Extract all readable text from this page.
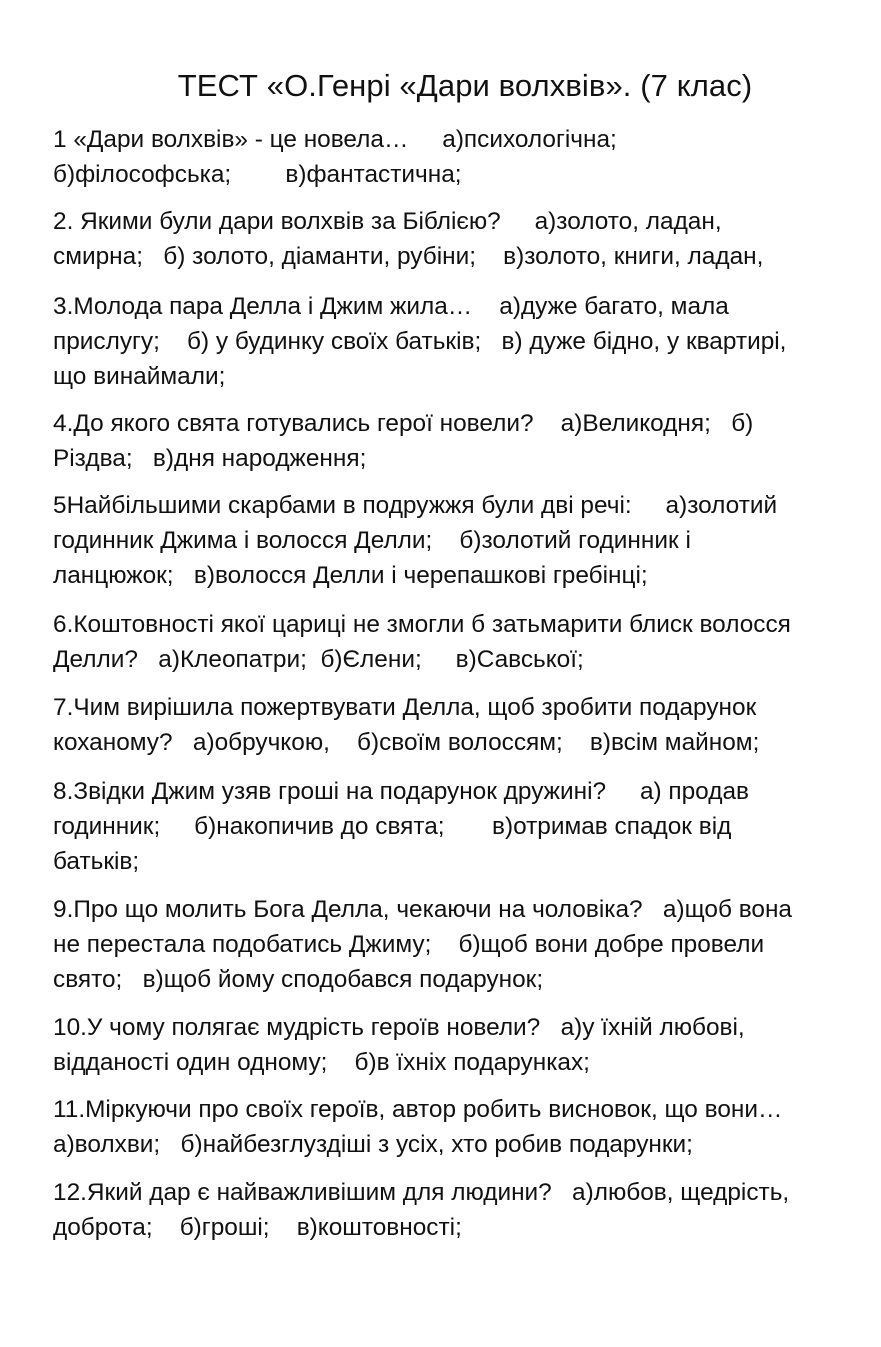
ТЕСТ «О.Генрі «Дари волхвів». (7 клас)
1 «Дари волхвів» - це новела…     а)психологічна;
б)філософська;        в)фантастична;
2. Якими були дари волхвів за Біблією?     а)золото, ладан,
смирна;   б) золото, діаманти, рубіни;    в)золото, книги, ладан,
3.Молода пара Делла і Джим жила…    а)дуже багато, мала
прислугу;    б) у будинку своїх батьків;   в) дуже бідно, у квартирі,
що винаймали;
4.До якого свята готувались герої новели?    а)Великодня;   б)
Різдва;   в)дня народження;
5Найбільшими скарбами в подружжя були дві речі:     а)золотий
годинник Джима і волосся Делли;    б)золотий годинник і
ланцюжок;   в)волосся Делли і черепашкові гребінці;
6.Коштовності якої цариці не змогли б затьмарити блиск волосся
Делли?   а)Клеопатри;  б)Єлени;     в)Савської;
7.Чим вирішила пожертвувати Делла, щоб зробити подарунок
коханому?   а)обручкою,    б)своїм волоссям;    в)всім майном;
8.Звідки Джим узяв гроші на подарунок дружині?     а) продав
годинник;     б)накопичив до свята;       в)отримав спадок від
батьків;
9.Про що молить Бога Делла, чекаючи на чоловіка?   а)щоб вона
не перестала подобатись Джиму;    б)щоб вони добре провели
свято;   в)щоб йому сподобався подарунок;
10.У чому полягає мудрість героїв новели?   а)у їхній любові,
відданості один одному;    б)в їхніх подарунках;
11.Міркуючи про своїх героїв, автор робить висновок, що вони…
а)волхви;   б)найбезглуздіші з усіх, хто робив подарунки;
12.Який дар є найважливішим для людини?   а)любов, щедрість,
доброта;    б)гроші;    в)коштовності;
